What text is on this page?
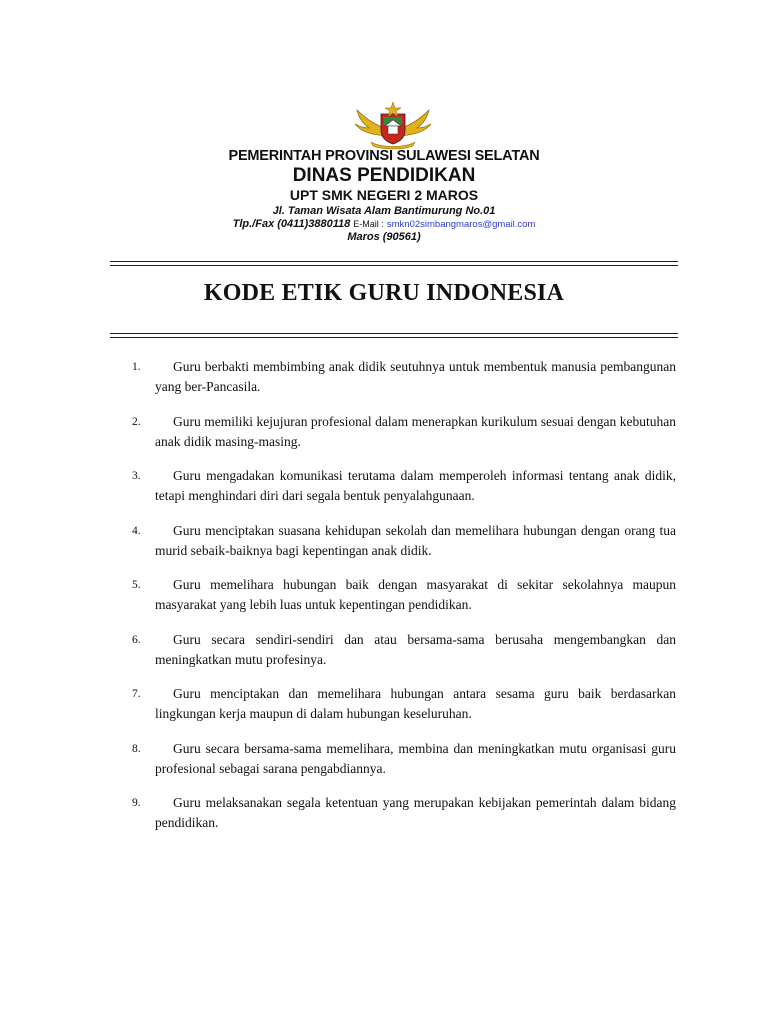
PEMERINTAH PROVINSI SULAWESI SELATAN
DINAS PENDIDIKAN
UPT SMK NEGERI 2 MAROS
Jl. Taman Wisata Alam Bantimurung No.01
Tlp./Fax (0411)3880118 E-Mail : smkn02simbangmaros@gmail.com
Maros (90561)
KODE ETIK GURU INDONESIA
1.	Guru berbakti membimbing anak didik seutuhnya untuk membentuk manusia pembangunan yang ber-Pancasila.
2.	Guru memiliki kejujuran profesional dalam menerapkan kurikulum sesuai dengan kebutuhan anak didik masing-masing.
3.	Guru mengadakan komunikasi terutama dalam memperoleh informasi tentang anak didik, tetapi menghindari diri dari segala bentuk penyalahgunaan.
4.	Guru menciptakan suasana kehidupan sekolah dan memelihara hubungan dengan orang tua murid sebaik-baiknya bagi kepentingan anak didik.
5.	Guru memelihara hubungan baik dengan masyarakat di sekitar sekolahnya maupun masyarakat yang lebih luas untuk kepentingan pendidikan.
6.	Guru secara sendiri-sendiri dan atau bersama-sama berusaha mengembangkan dan meningkatkan mutu profesinya.
7.	Guru menciptakan dan memelihara hubungan antara sesama guru baik berdasarkan lingkungan kerja maupun di dalam hubungan keseluruhan.
8.	Guru secara bersama-sama memelihara, membina dan meningkatkan mutu organisasi guru profesional sebagai sarana pengabdiannya.
9.	Guru melaksanakan segala ketentuan yang merupakan kebijakan pemerintah dalam bidang pendidikan.
